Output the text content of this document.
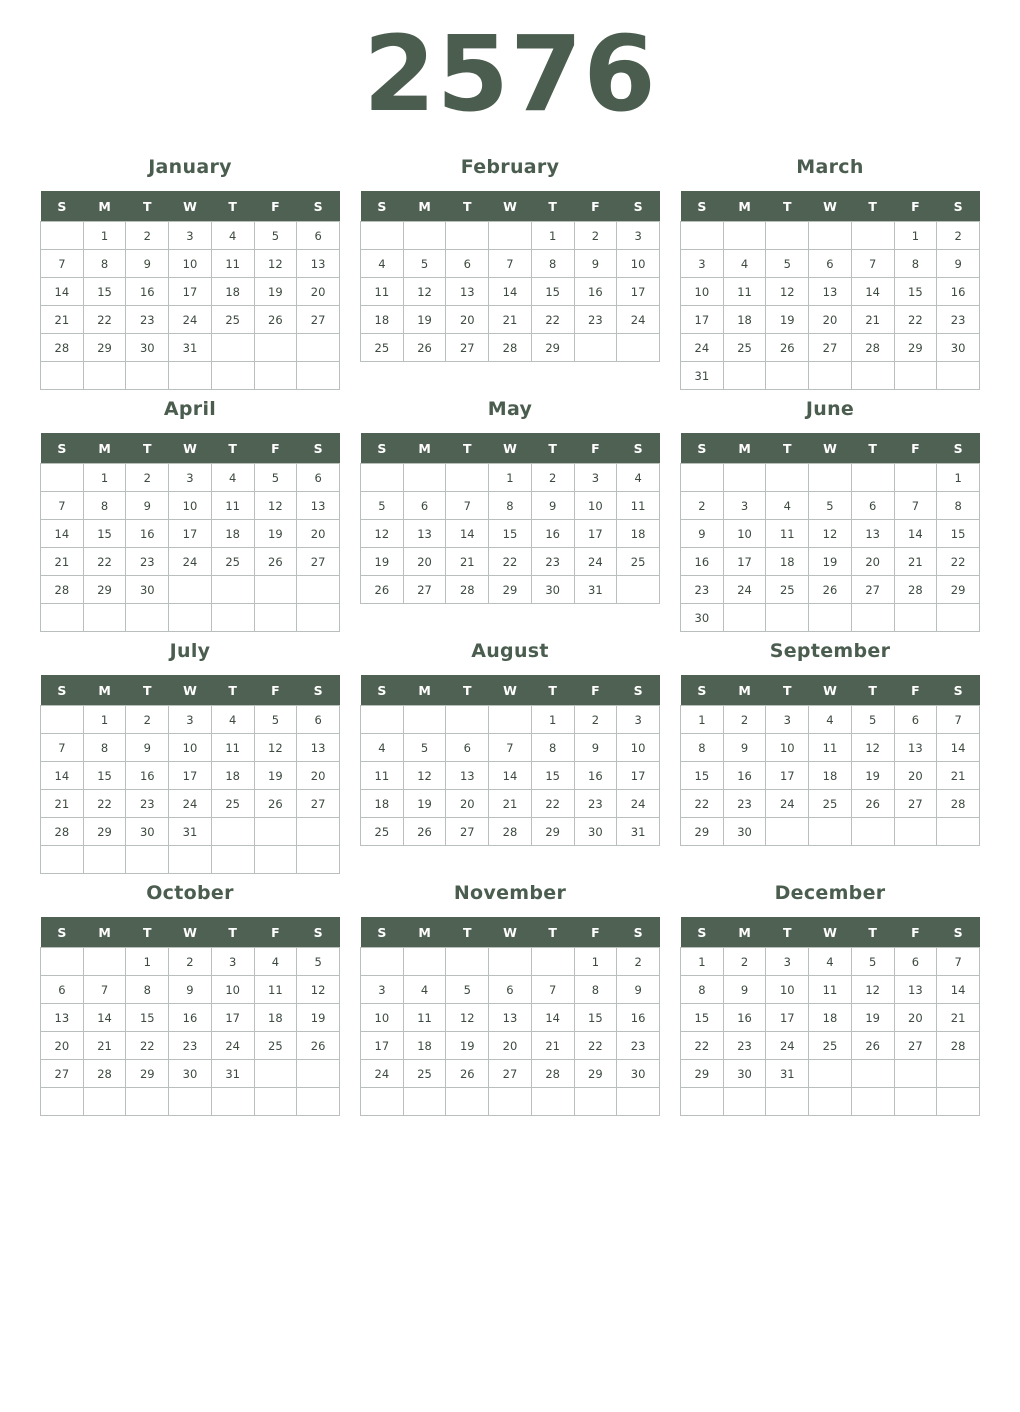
2576
January
S	M	T	W	T	F	S
	1	2	3	4	5	6
7	8	9	10	11	12	13
14	15	16	17	18	19	20
21	22	23	24	25	26	27
28	29	30	31			

February
S	M	T	W	T	F	S
				1	2	3
4	5	6	7	8	9	10
11	12	13	14	15	16	17
18	19	20	21	22	23	24
25	26	27	28	29		
March
S	M	T	W	T	F	S
					1	2
3	4	5	6	7	8	9
10	11	12	13	14	15	16
17	18	19	20	21	22	23
24	25	26	27	28	29	30
31						
April
S	M	T	W	T	F	S
	1	2	3	4	5	6
7	8	9	10	11	12	13
14	15	16	17	18	19	20
21	22	23	24	25	26	27
28	29	30				

May
S	M	T	W	T	F	S
			1	2	3	4
5	6	7	8	9	10	11
12	13	14	15	16	17	18
19	20	21	22	23	24	25
26	27	28	29	30	31	
June
S	M	T	W	T	F	S
						1
2	3	4	5	6	7	8
9	10	11	12	13	14	15
16	17	18	19	20	21	22
23	24	25	26	27	28	29
30						
July
S	M	T	W	T	F	S
	1	2	3	4	5	6
7	8	9	10	11	12	13
14	15	16	17	18	19	20
21	22	23	24	25	26	27
28	29	30	31			

August
S	M	T	W	T	F	S
				1	2	3
4	5	6	7	8	9	10
11	12	13	14	15	16	17
18	19	20	21	22	23	24
25	26	27	28	29	30	31
September
S	M	T	W	T	F	S
1	2	3	4	5	6	7
8	9	10	11	12	13	14
15	16	17	18	19	20	21
22	23	24	25	26	27	28
29	30					
October
S	M	T	W	T	F	S
		1	2	3	4	5
6	7	8	9	10	11	12
13	14	15	16	17	18	19
20	21	22	23	24	25	26
27	28	29	30	31		

November
S	M	T	W	T	F	S
					1	2
3	4	5	6	7	8	9
10	11	12	13	14	15	16
17	18	19	20	21	22	23
24	25	26	27	28	29	30

December
S	M	T	W	T	F	S
1	2	3	4	5	6	7
8	9	10	11	12	13	14
15	16	17	18	19	20	21
22	23	24	25	26	27	28
29	30	31				
